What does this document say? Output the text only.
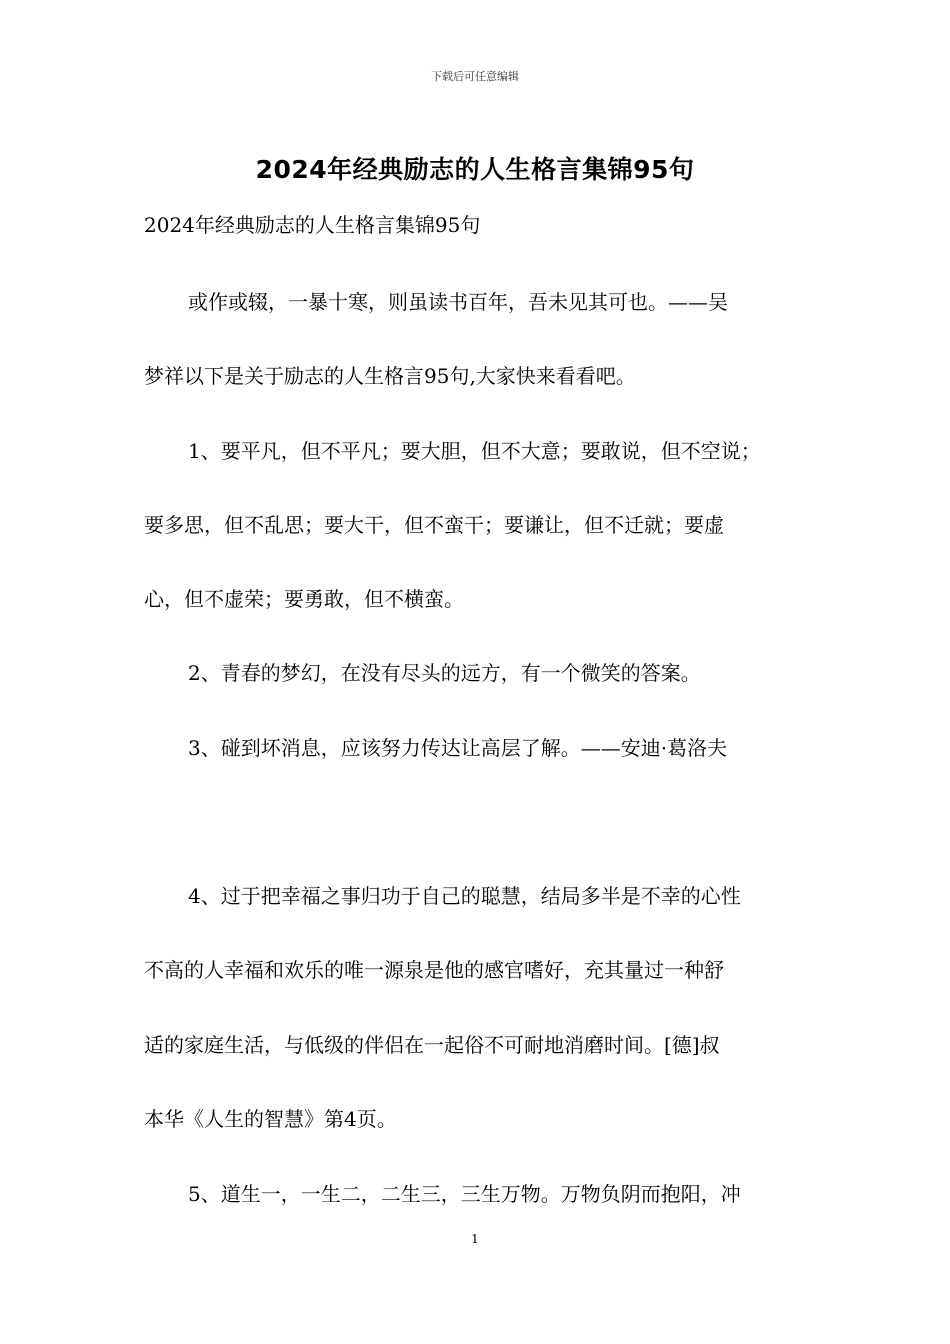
下载后可任意编辑
2024年经典励志的人生格言集锦95句
2024年经典励志的人生格言集锦95句
或作或辍，一暴十寒，则虽读书百年，吾未见其可也。——吴
梦祥以下是关于励志的人生格言95句,大家快来看看吧。
1、要平凡，但不平凡；要大胆，但不大意；要敢说，但不空说；
要多思，但不乱思；要大干，但不蛮干；要谦让，但不迁就；要虚
心，但不虚荣；要勇敢，但不横蛮。
2、青春的梦幻，在没有尽头的远方，有一个微笑的答案。
3、碰到坏消息，应该努力传达让高层了解。——安迪·葛洛夫
4、过于把幸福之事归功于自己的聪慧，结局多半是不幸的心性
不高的人幸福和欢乐的唯一源泉是他的感官嗜好，充其量过一种舒
适的家庭生活，与低级的伴侣在一起俗不可耐地消磨时间。[德]叔
本华《人生的智慧》第4页。
5、道生一，一生二，二生三，三生万物。万物负阴而抱阳，冲
1
